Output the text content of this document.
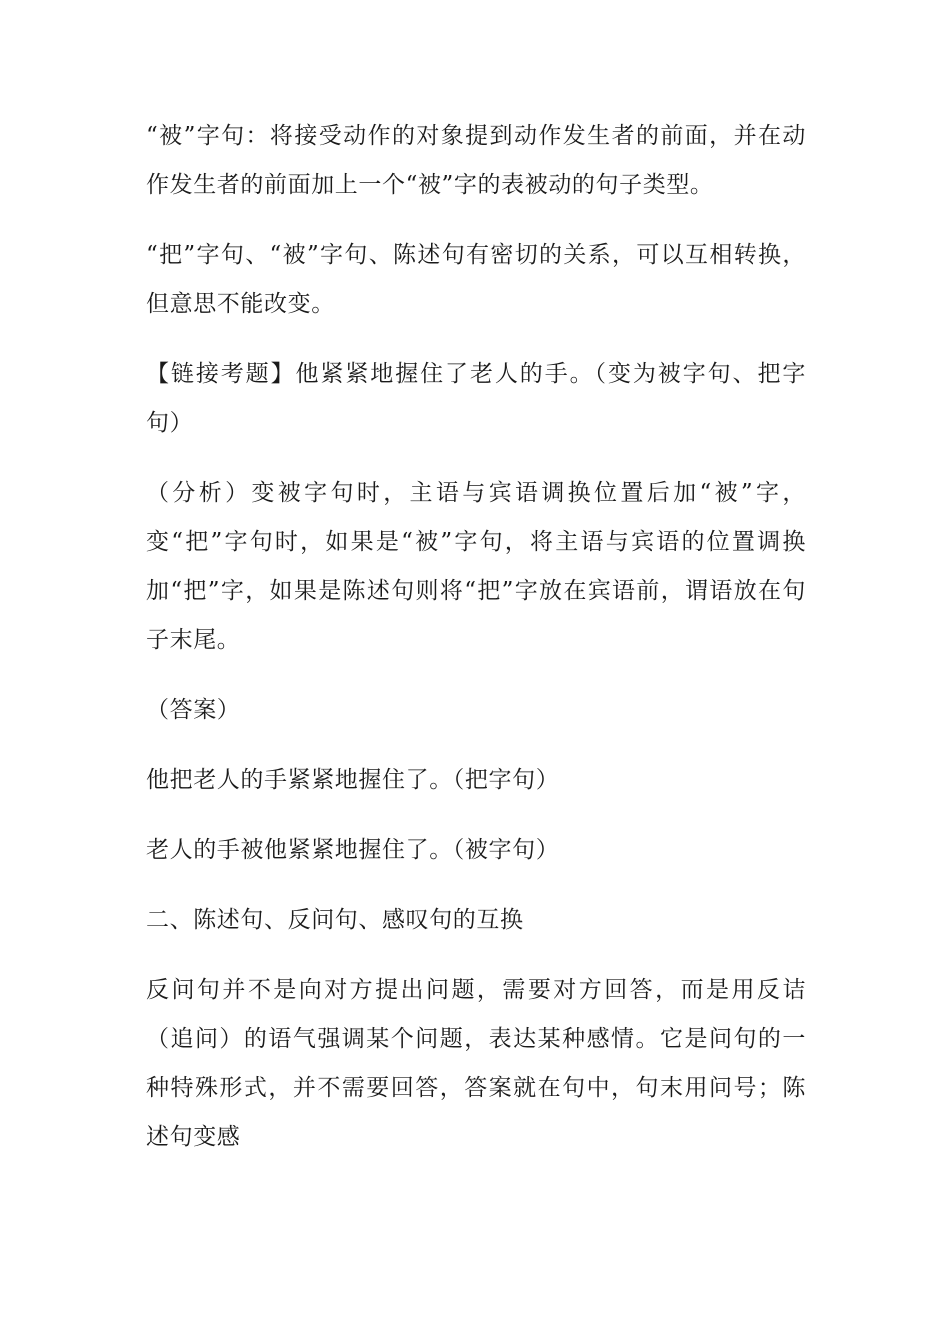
“被”字句：将接受动作的对象提到动作发生者的前面，并在动作发生者的前面加上一个“被”字的表被动的句子类型。

“把”字句、“被”字句、陈述句有密切的关系，可以互相转换，但意思不能改变。

【链接考题】他紧紧地握住了老人的手。（变为被字句、把字句）

（分析）变被字句时，主语与宾语调换位置后加“被”字，变“把”字句时，如果是“被”字句，将主语与宾语的位置调换加“把”字，如果是陈述句则将“把”字放在宾语前，谓语放在句子末尾。

（答案）

他把老人的手紧紧地握住了。（把字句）

老人的手被他紧紧地握住了。（被字句）

二、陈述句、反问句、感叹句的互换

反问句并不是向对方提出问题，需要对方回答，而是用反诘（追问）的语气强调某个问题，表达某种感情。它是问句的一种特殊形式，并不需要回答，答案就在句中，句末用问号；陈述句变感
